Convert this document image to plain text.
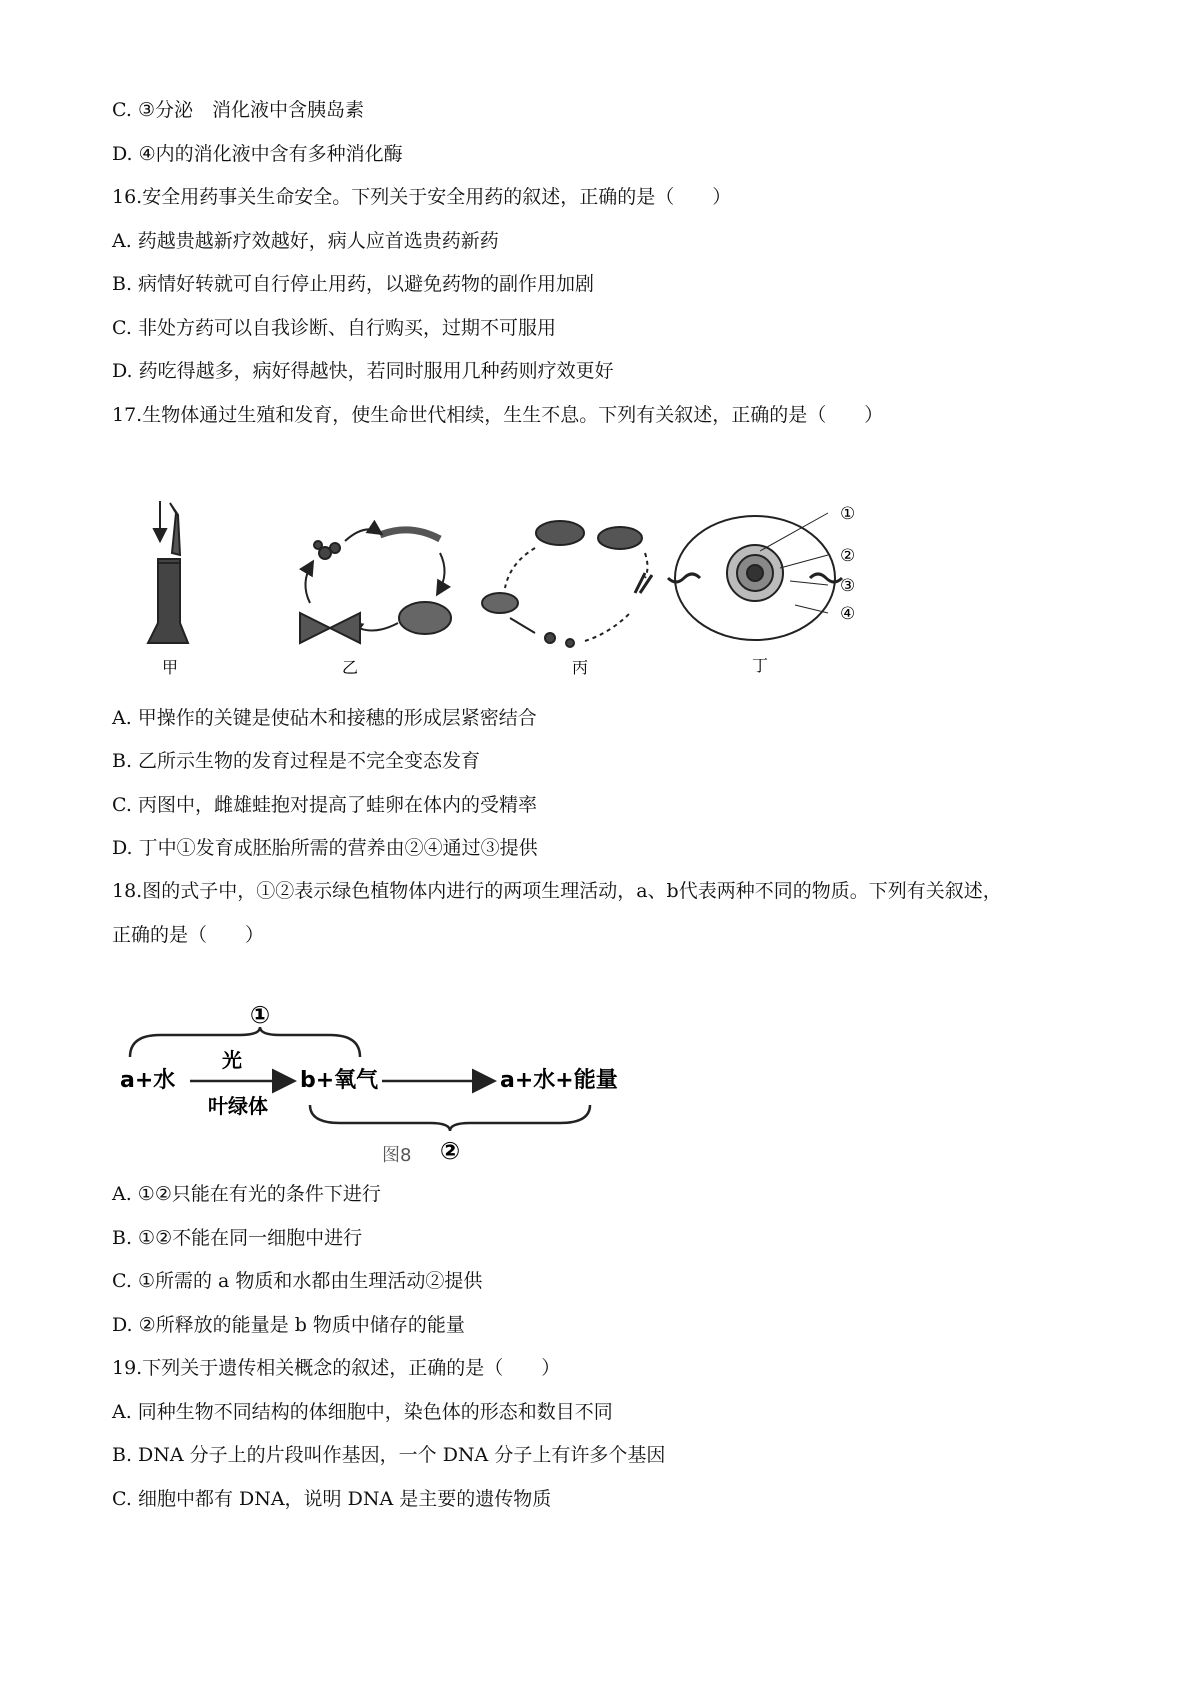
C. ③分泌　消化液中含胰岛素
D. ④内的消化液中含有多种消化酶
16.安全用药事关生命安全。下列关于安全用药的叙述，正确的是（　　）
A. 药越贵越新疗效越好，病人应首选贵药新药
B. 病情好转就可自行停止用药，以避免药物的副作用加剧
C. 非处方药可以自我诊断、自行购买，过期不可服用
D. 药吃得越多，病好得越快，若同时服用几种药则疗效更好
17.生物体通过生殖和发育，使生命世代相续，生生不息。下列有关叙述，正确的是（　　）
甲	乙	丙
①
②
③
④
丁
A. 甲操作的关键是使砧木和接穗的形成层紧密结合
B. 乙所示生物的发育过程是不完全变态发育
C. 丙图中，雌雄蛙抱对提高了蛙卵在体内的受精率
D. 丁中①发育成胚胎所需的营养由②④通过③提供
18.图的式子中，①②表示绿色植物体内进行的两项生理活动，a、b代表两种不同的物质。下列有关叙述，
正确的是（　　）
①
a+水
光
叶绿体
b+氧气	a+水+能量
图8 ②
A. ①②只能在有光的条件下进行
B. ①②不能在同一细胞中进行
C. ①所需的 a 物质和水都由生理活动②提供
D. ②所释放的能量是 b 物质中储存的能量
19.下列关于遗传相关概念的叙述，正确的是（　　）
A. 同种生物不同结构的体细胞中，染色体的形态和数目不同
B. DNA 分子上的片段叫作基因，一个 DNA 分子上有许多个基因
C. 细胞中都有 DNA，说明 DNA 是主要的遗传物质
